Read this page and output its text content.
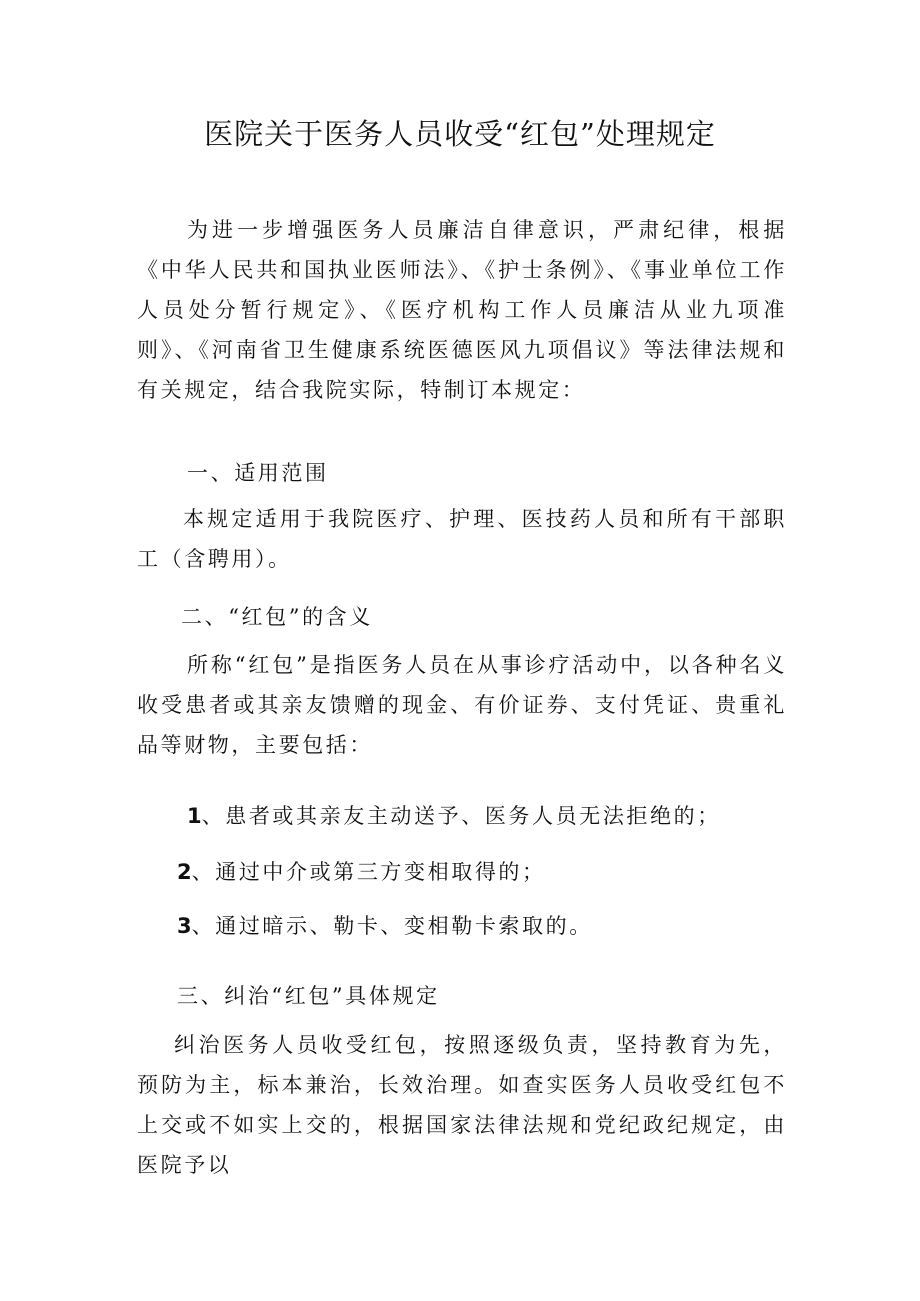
医院关于医务人员收受“红包”处理规定

为进一步增强医务人员廉洁自律意识，严肃纪律，根据《中华人民共和国执业医师法》、《护士条例》、《事业单位工作人员处分暂行规定》、《医疗机构工作人员廉洁从业九项准则》、《河南省卫生健康系统医德医风九项倡议》等法律法规和有关规定，结合我院实际，特制订本规定：

一、适用范围

本规定适用于我院医疗、护理、医技药人员和所有干部职工（含聘用）。

二、“红包”的含义

所称“红包”是指医务人员在从事诊疗活动中，以各种名义收受患者或其亲友馈赠的现金、有价证券、支付凭证、贵重礼品等财物，主要包括：

1、患者或其亲友主动送予、医务人员无法拒绝的；
2、通过中介或第三方变相取得的；
3、通过暗示、勒卡、变相勒卡索取的。
三、纠治“红包”具体规定

纠治医务人员收受红包，按照逐级负责，坚持教育为先，预防为主，标本兼治，长效治理。如查实医务人员收受红包不上交或不如实上交的，根据国家法律法规和党纪政纪规定，由医院予以
